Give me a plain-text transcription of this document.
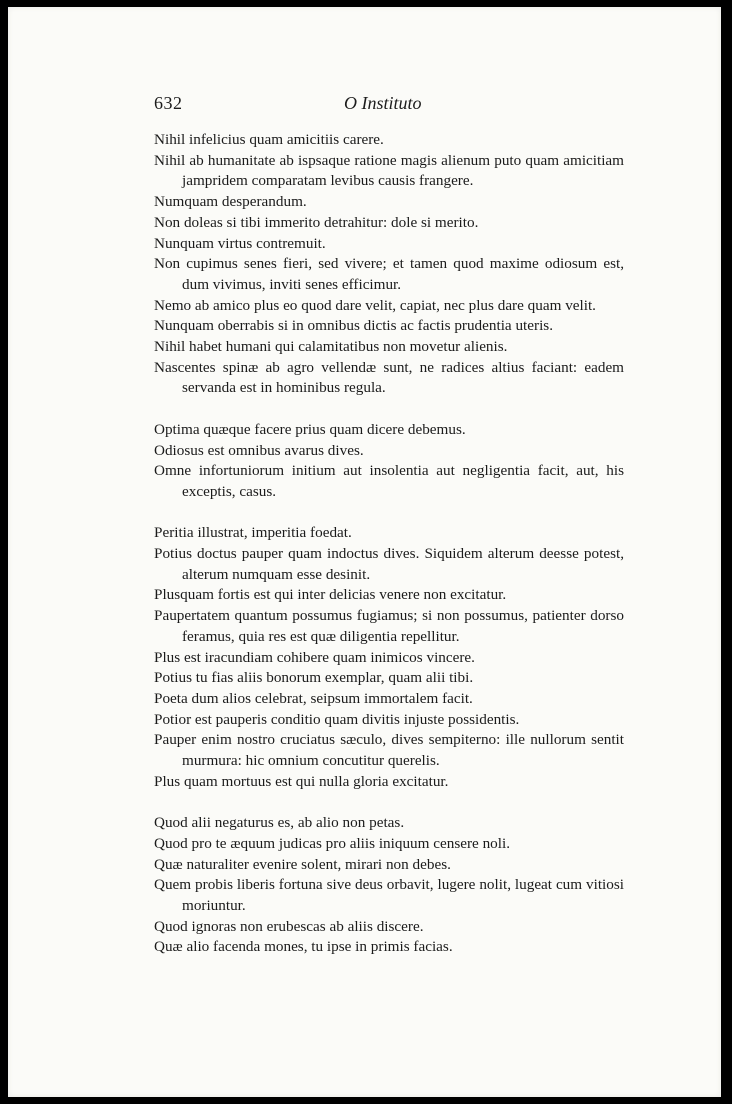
632	O Instituto

Nihil infelicius quam amicitiis carere.

Nihil ab humanitate ab ispsaque ratione magis alienum puto quam amicitiam jampridem comparatam levibus causis frangere.

Numquam desperandum.

Non doleas si tibi immerito detrahitur: dole si merito.

Nunquam virtus contremuit.

Non cupimus senes fieri, sed vivere; et tamen quod maxime odiosum est, dum vivimus, inviti senes efficimur.

Nemo ab amico plus eo quod dare velit, capiat, nec plus dare quam velit.

Nunquam oberrabis si in omnibus dictis ac factis prudentia uteris.

Nihil habet humani qui calamitatibus non movetur alienis.

Nascentes spinæ ab agro vellendæ sunt, ne radices altius faciant: eadem servanda est in hominibus regula.

Optima quæque facere prius quam dicere debemus.

Odiosus est omnibus avarus dives.

Omne infortuniorum initium aut insolentia aut negligentia facit, aut, his exceptis, casus.

Peritia illustrat, imperitia foedat.

Potius doctus pauper quam indoctus dives. Siquidem alterum deesse potest, alterum numquam esse desinit.

Plusquam fortis est qui inter delicias venere non excitatur.

Paupertatem quantum possumus fugiamus; si non possumus, patienter dorso feramus, quia res est quæ diligentia repellitur.

Plus est iracundiam cohibere quam inimicos vincere.

Potius tu fias aliis bonorum exemplar, quam alii tibi.

Poeta dum alios celebrat, seipsum immortalem facit.

Potior est pauperis conditio quam divitis injuste possidentis.

Pauper enim nostro cruciatus sæculo, dives sempiterno: ille nullorum sentit murmura: hic omnium concutitur querelis.

Plus quam mortuus est qui nulla gloria excitatur.

Quod alii negaturus es, ab alio non petas.

Quod pro te æquum judicas pro aliis iniquum censere noli.

Quæ naturaliter evenire solent, mirari non debes.

Quem probis liberis fortuna sive deus orbavit, lugere nolit, lugeat cum vitiosi moriuntur.

Quod ignoras non erubescas ab aliis discere.

Quæ alio facenda mones, tu ipse in primis facias.
